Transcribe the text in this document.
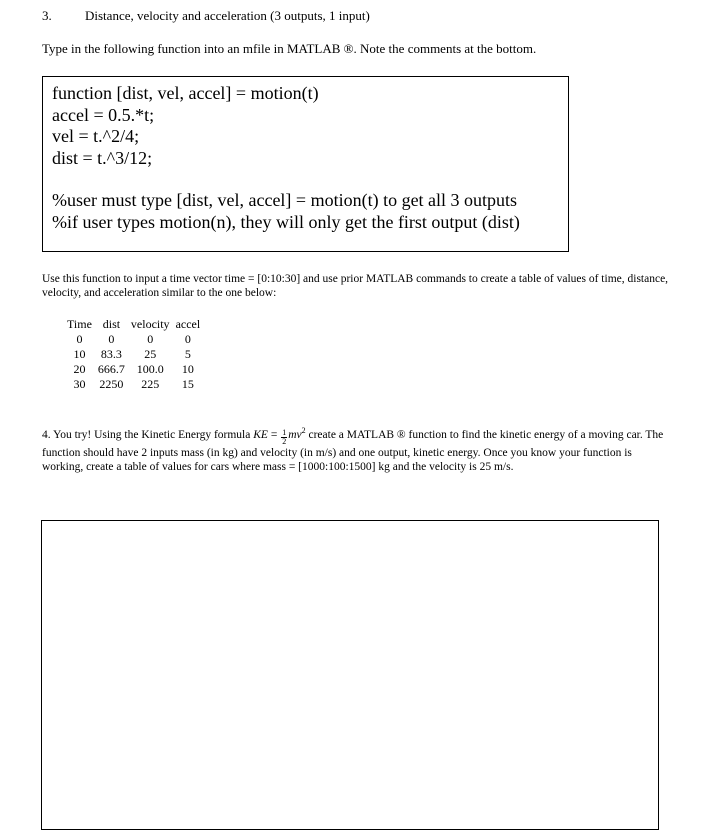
3.	Distance, velocity and acceleration (3 outputs, 1 input)
Type in the following function into an mfile in MATLAB ®. Note the comments at the bottom.
function [dist, vel, accel] = motion(t)
accel = 0.5.*t;
vel = t.^2/4;
dist = t.^3/12;
%user must type [dist, vel, accel] = motion(t) to get all 3 outputs
%if user types motion(n), they will only get the first output (dist)
Use this function to input a time vector time = [0:10:30] and use prior MATLAB commands to create a table of values of time, distance, velocity, and acceleration similar to the one below:
Time	dist	velocity	accel
0	0	0	0
10	83.3	25	5
20	666.7	100.0	10
30	2250	225	15
4. You try! Using the Kinetic Energy formula KE = $\frac{1}{2} mv^2$ create a MATLAB ® function to find the kinetic energy of a moving car. The function should have 2 inputs mass (in kg) and velocity (in m/s) and one output, kinetic energy. Once you know your function is working, create a table of values for cars where mass = [1000:100:1500] kg and the velocity is 25 m/s.
